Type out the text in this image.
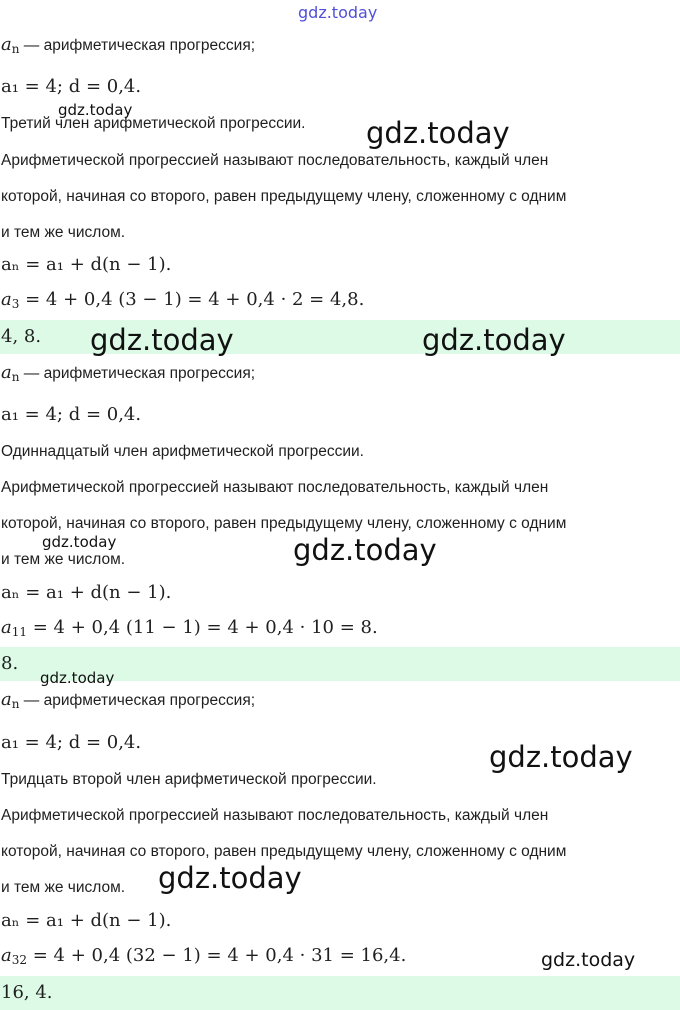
$a_n$ — арифметическая прогрессия;
a₁ = 4; d = 0,4.
Третий член арифметической прогрессии.
Арифметической прогрессией называют последовательность, каждый член
которой, начиная со второго, равен предыдущему члену, сложенному с одним
и тем же числом.
aₙ = a₁ + d(n − 1).
$a_3 = 4 + 0,4$ (3 − 1) = 4 + 0,4 · 2 = 4,8.
4, 8.
$a_n$ — арифметическая прогрессия;
a₁ = 4; d = 0,4.
Одиннадцатый член арифметической прогрессии.
Арифметической прогрессией называют последовательность, каждый член
которой, начиная со второго, равен предыдущему члену, сложенному с одним
и тем же числом.
aₙ = a₁ + d(n − 1).
$a_{11} = 4 + 0,4$ (11 − 1) = 4 + 0,4 · 10 = 8.
8.
$a_n$ — арифметическая прогрессия;
a₁ = 4; d = 0,4.
Тридцать второй член арифметической прогрессии.
Арифметической прогрессией называют последовательность, каждый член
которой, начиная со второго, равен предыдущему члену, сложенному с одним
и тем же числом.
aₙ = a₁ + d(n − 1).
$a_{32} = 4 + 0,4$ (32 − 1) = 4 + 0,4 · 31 = 16,4.
16, 4.
gdz.today
gdz.today
gdz.today
gdz.today	gdz.today
gdz.today	gdz.today
gdz.today
gdz.today
gdz.today
gdz.today
